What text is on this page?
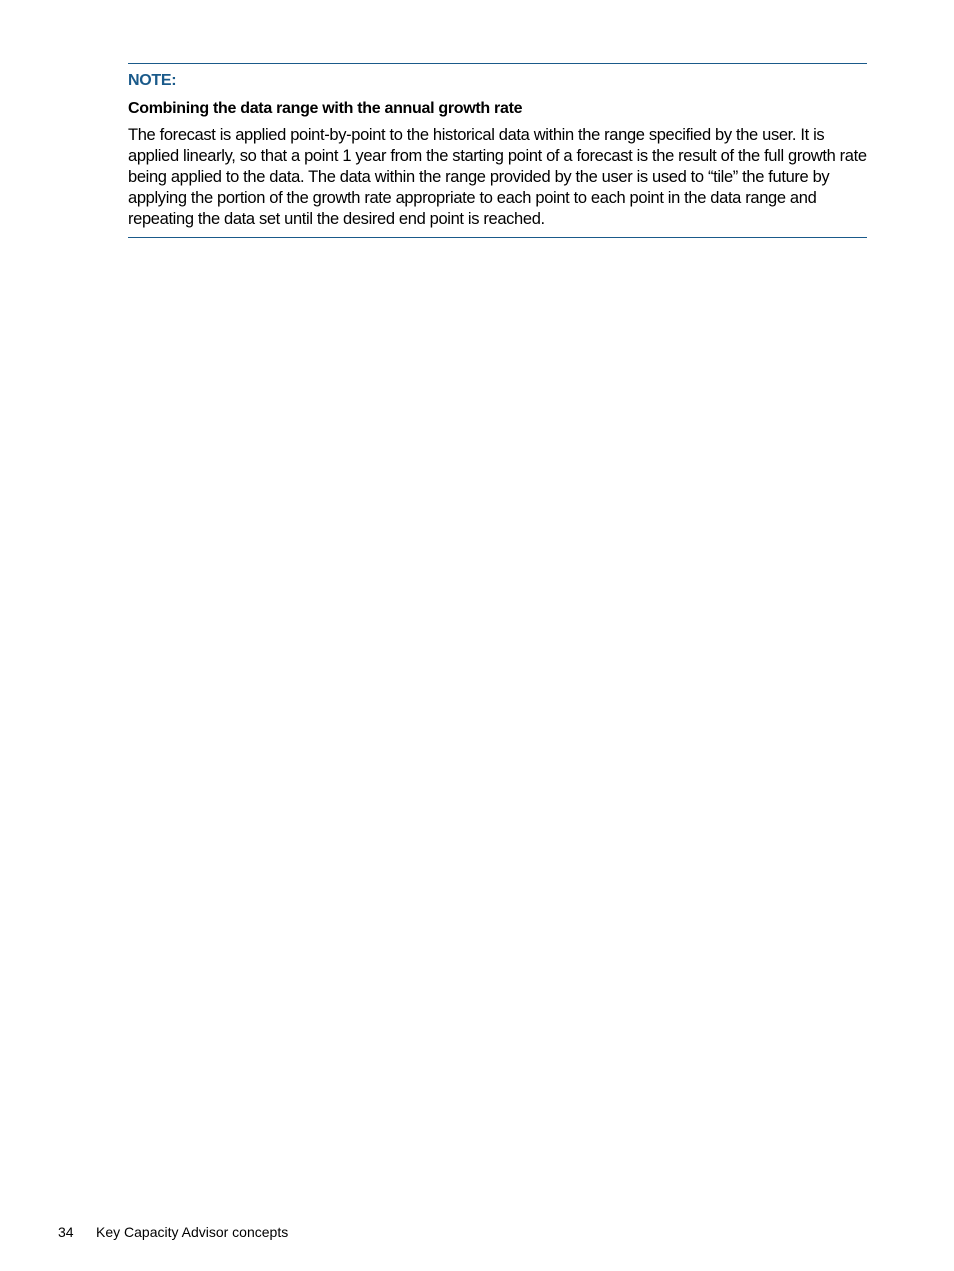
NOTE:
Combining the data range with the annual growth rate

The forecast is applied point-by-point to the historical data within the range specified by the user. It is applied linearly, so that a point 1 year from the starting point of a forecast is the result of the full growth rate being applied to the data. The data within the range provided by the user is used to “tile” the future by applying the portion of the growth rate appropriate to each point to each point in the data range and repeating the data set until the desired end point is reached.

34 Key Capacity Advisor concepts
